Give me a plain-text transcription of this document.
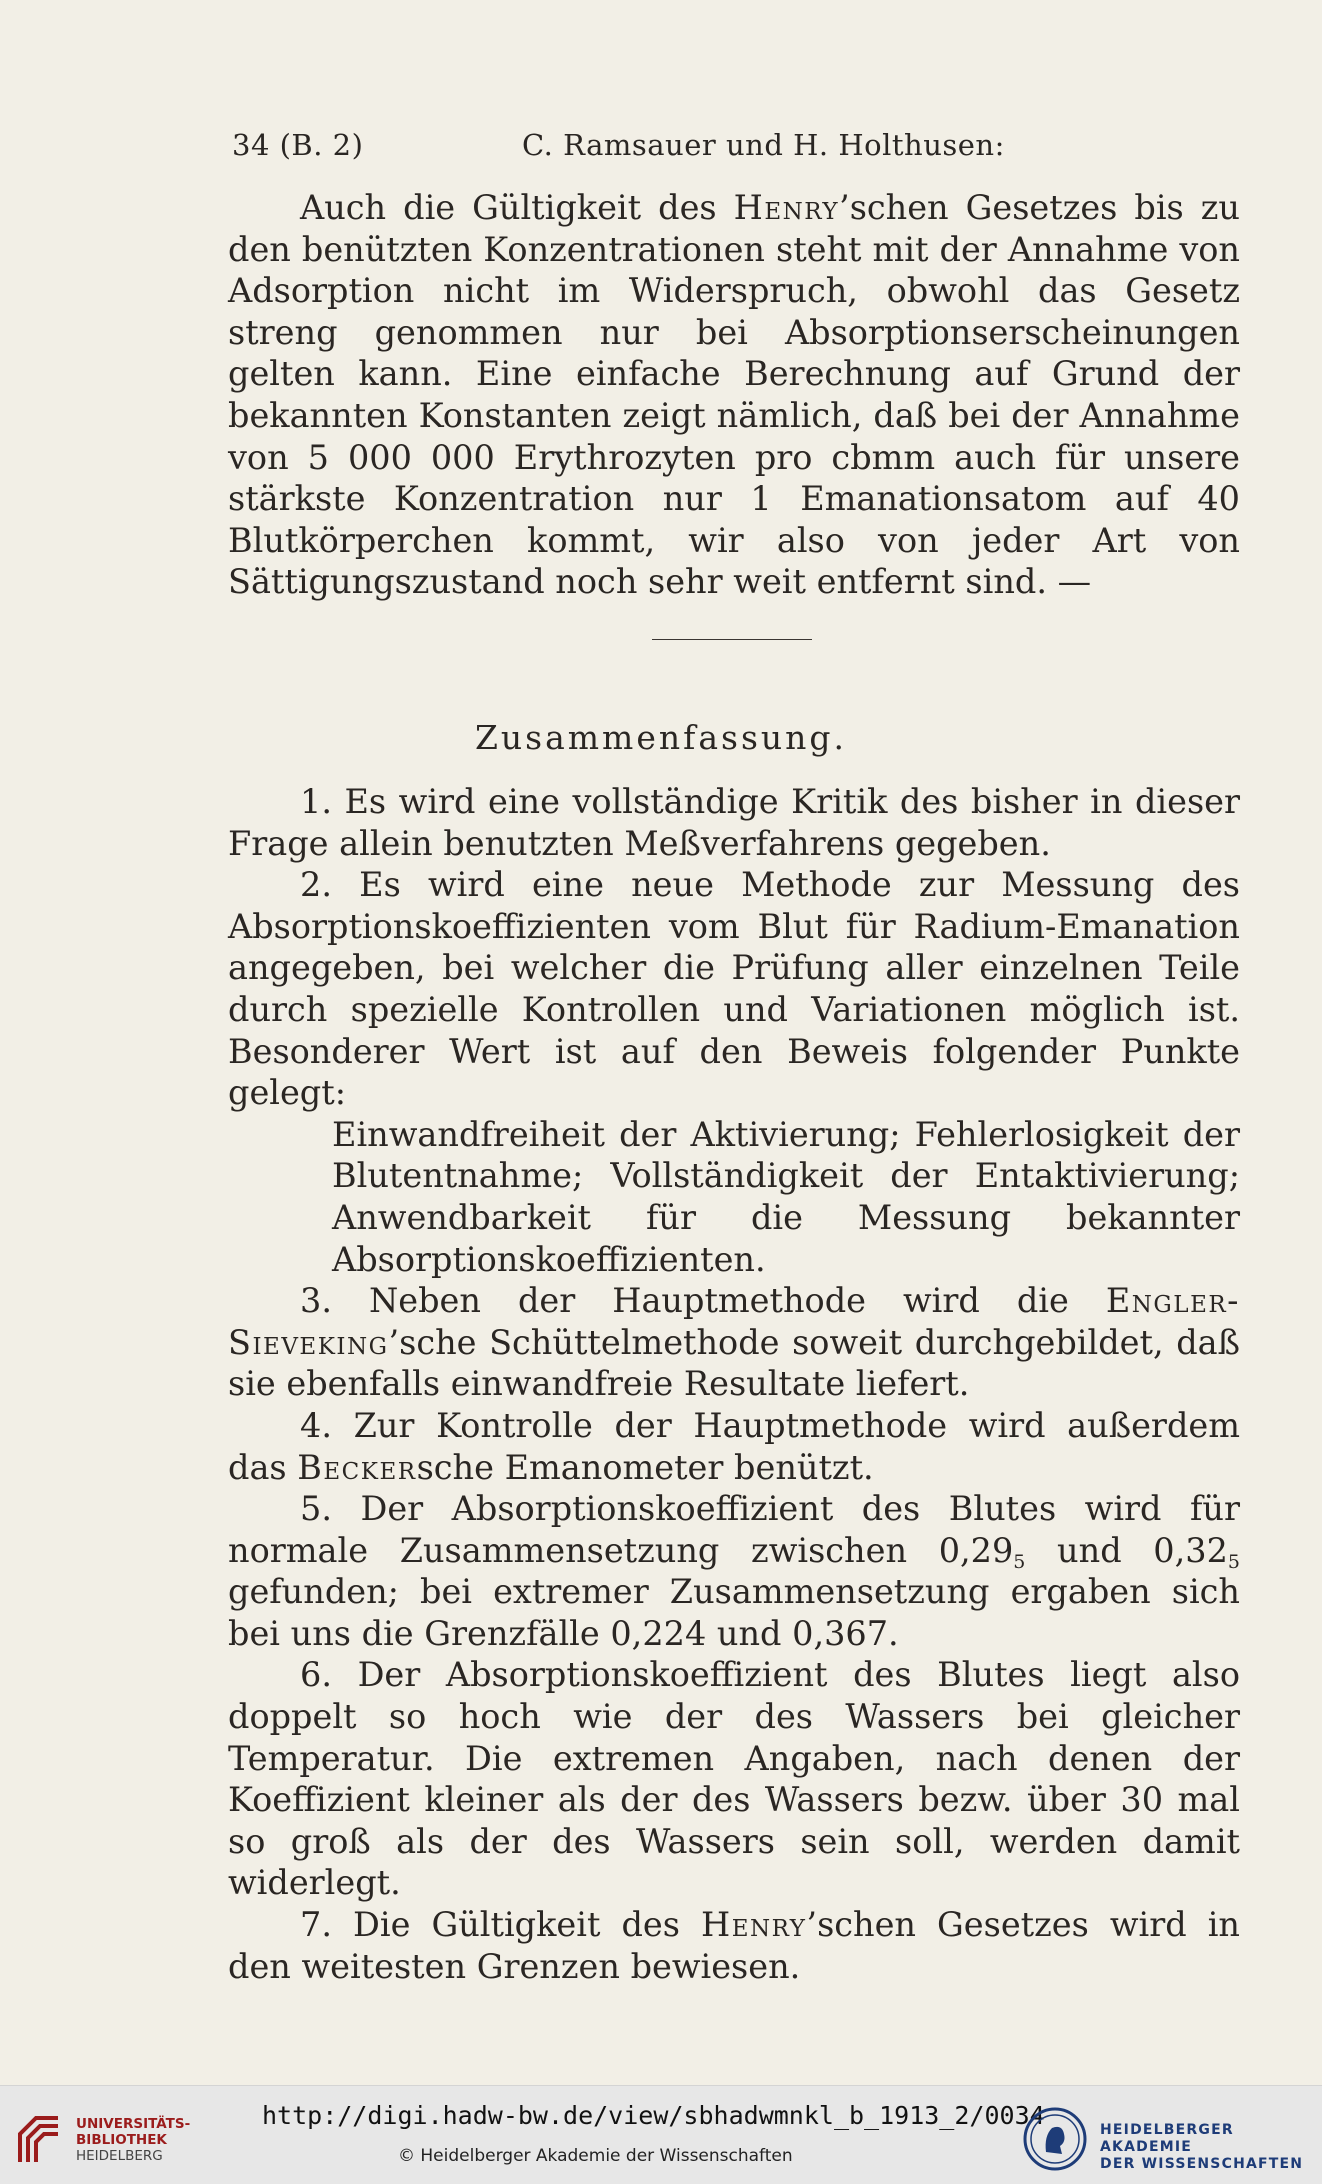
34 (B. 2)	C. Ramsauer und H. Holthusen:

Auch die Gültigkeit des Henry’schen Gesetzes bis zu den benützten Konzentrationen steht mit der Annahme von Adsorption nicht im Widerspruch, obwohl das Gesetz streng genommen nur bei Absorptionserscheinungen gelten kann. Eine einfache Berechnung auf Grund der bekannten Konstanten zeigt nämlich, daß bei der Annahme von 5 000 000 Erythrozyten pro cbmm auch für unsere stärkste Konzentration nur 1 Emanationsatom auf 40 Blutkörperchen kommt, wir also von jeder Art von Sättigungszustand noch sehr weit entfernt sind. —

Zusammenfassung.

1. Es wird eine vollständige Kritik des bisher in dieser Frage allein benutzten Meßverfahrens gegeben.

2. Es wird eine neue Methode zur Messung des Absorptionskoeffizienten vom Blut für Radium-Emanation angegeben, bei welcher die Prüfung aller einzelnen Teile durch spezielle Kontrollen und Variationen möglich ist. Besonderer Wert ist auf den Beweis folgender Punkte gelegt:

Einwandfreiheit der Aktivierung; Fehlerlosigkeit der Blutentnahme; Vollständigkeit der Entaktivierung; Anwendbarkeit für die Messung bekannter Absorptionskoeffizienten.

3. Neben der Hauptmethode wird die Engler-Sieveking’sche Schüttelmethode soweit durchgebildet, daß sie ebenfalls einwandfreie Resultate liefert.

4. Zur Kontrolle der Hauptmethode wird außerdem das Beckersche Emanometer benützt.

5. Der Absorptionskoeffizient des Blutes wird für normale Zusammensetzung zwischen $0,29_5$ und $0,32_5$ gefunden; bei extremer Zusammensetzung ergaben sich bei uns die Grenzfälle 0,224 und 0,367.

6. Der Absorptionskoeffizient des Blutes liegt also doppelt so hoch wie der des Wassers bei gleicher Temperatur. Die extremen Angaben, nach denen der Koeffizient kleiner als der des Wassers bezw. über 30 mal so groß als der des Wassers sein soll, werden damit widerlegt.

7. Die Gültigkeit des Henry’schen Gesetzes wird in den weitesten Grenzen bewiesen.

UNIVERSITÄTS-
BIBLIOTHEK
HEIDELBERG
http://digi.hadw-bw.de/view/sbhadwmnkl_b_1913_2/0034
© Heidelberger Akademie der Wissenschaften
HEIDELBERGER AKADEMIE
DER WISSENSCHAFTEN
